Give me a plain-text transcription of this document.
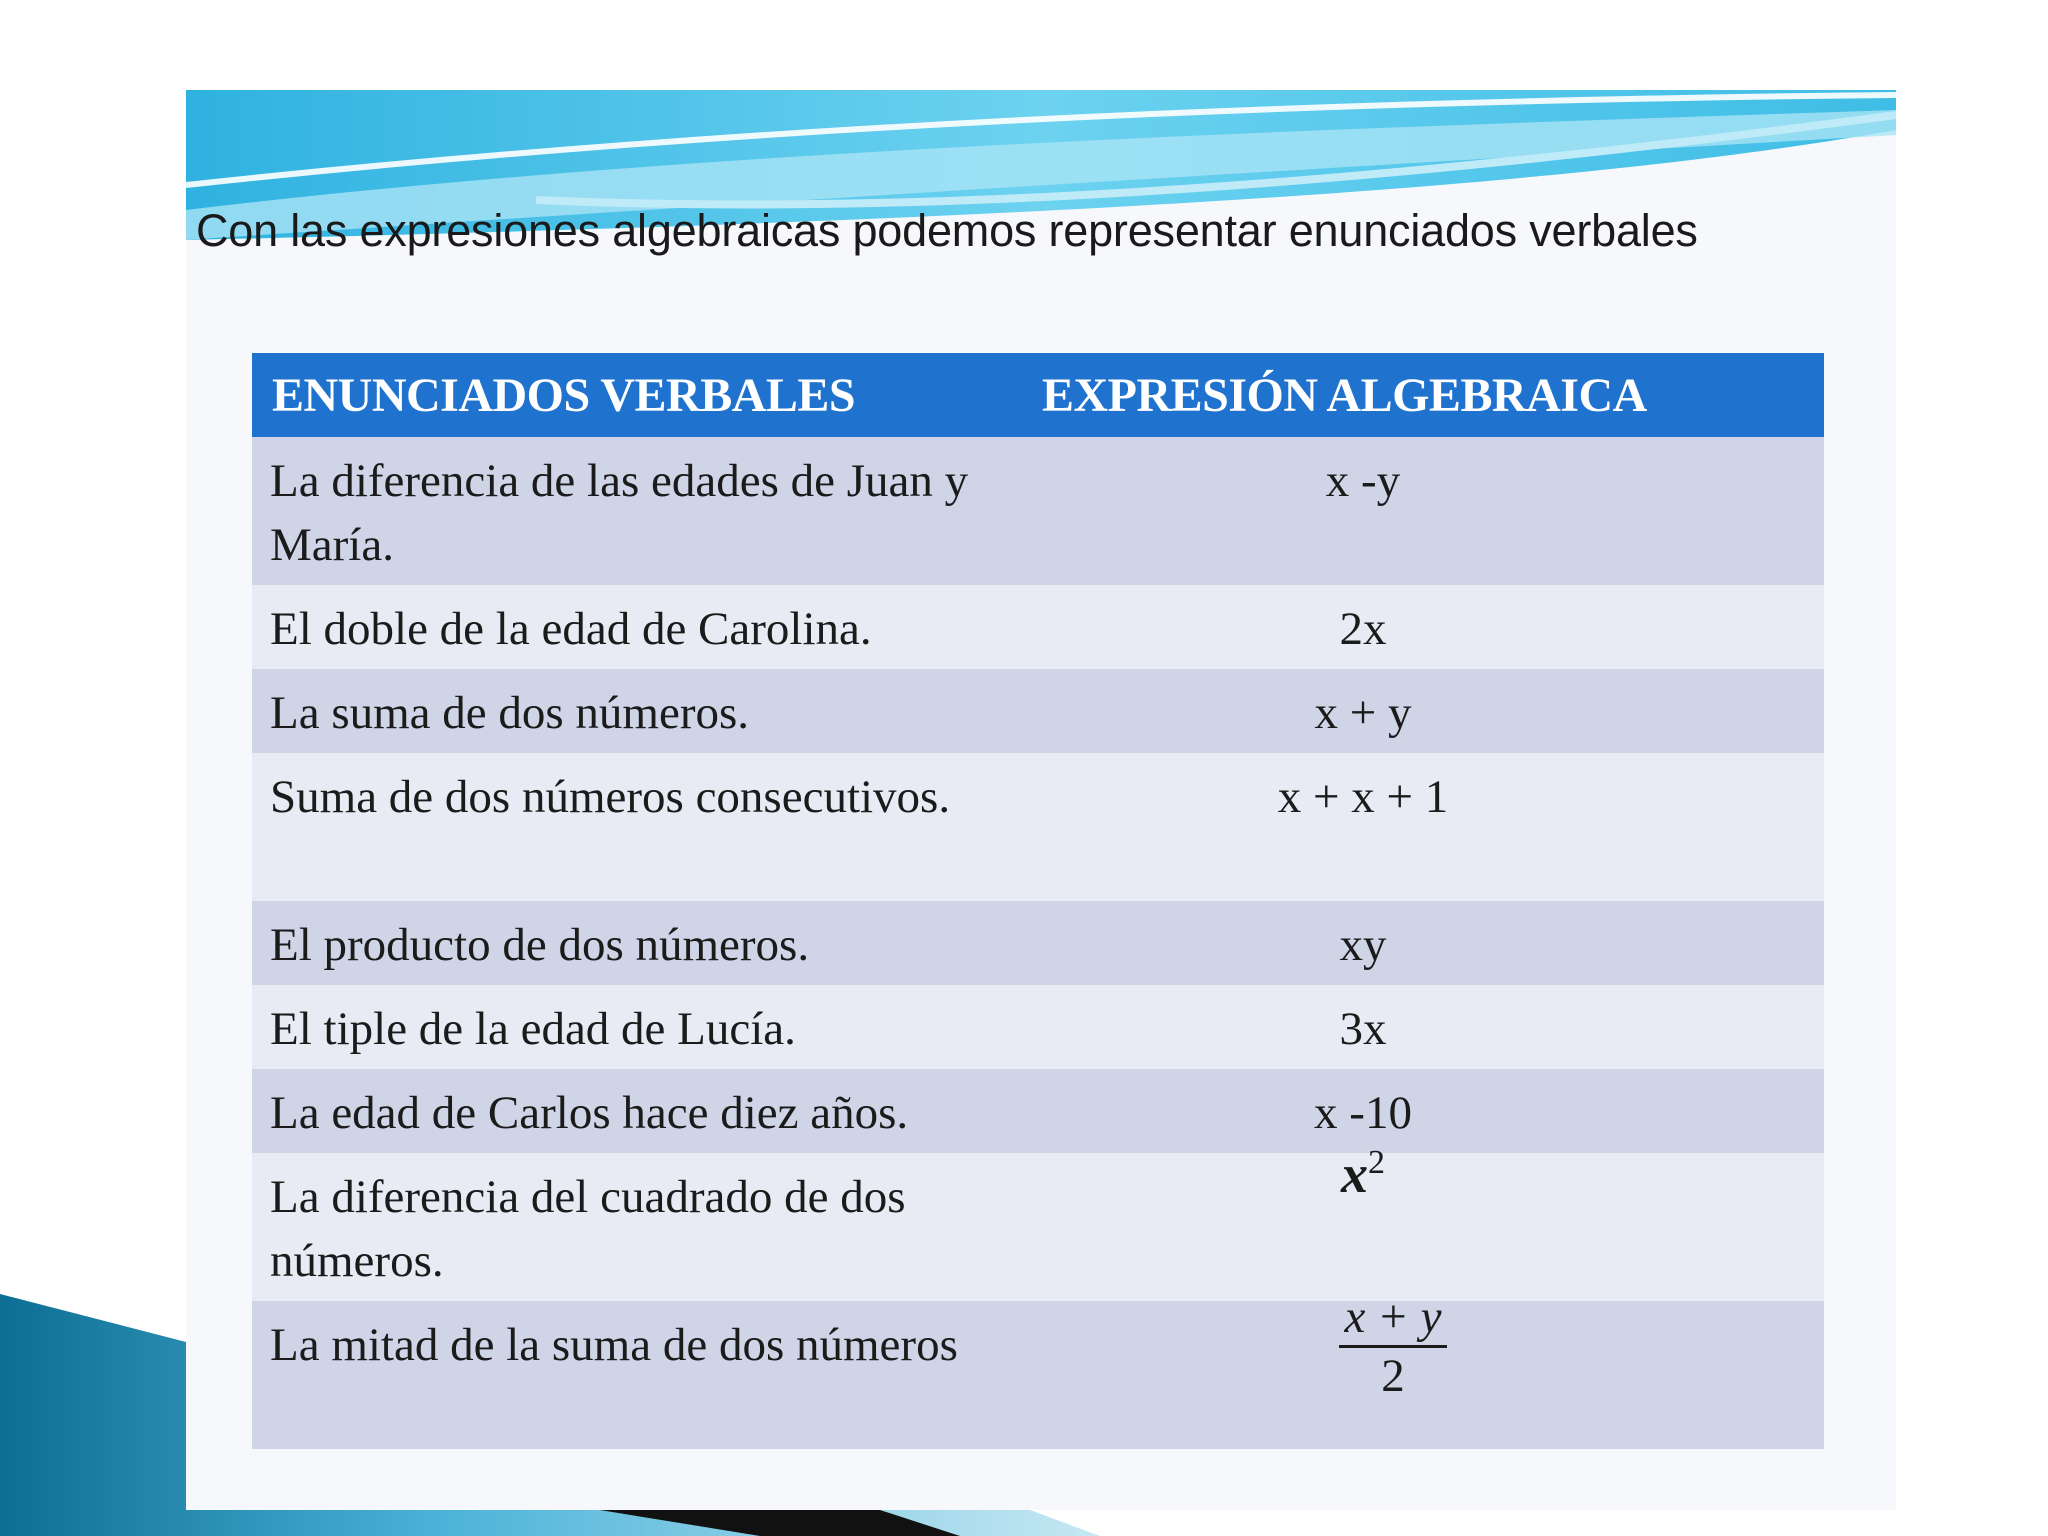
Con las expresiones algebraicas podemos representar enunciados verbales
ENUNCIADOS VERBALES	EXPRESIÓN ALGEBRAICA
La diferencia de las edades de Juan y María.	x -y
El doble de la edad de Carolina.	2x
La suma de dos números.	x + y
Suma de dos números consecutivos.	x + x + 1
El producto de dos números.	xy
El tiple de la edad de Lucía.	3x
La edad de Carlos hace diez años.	x -10
La diferencia del cuadrado de dos números.	$x^2$
La mitad de la suma de dos números	$\frac{x + y}{2}$
